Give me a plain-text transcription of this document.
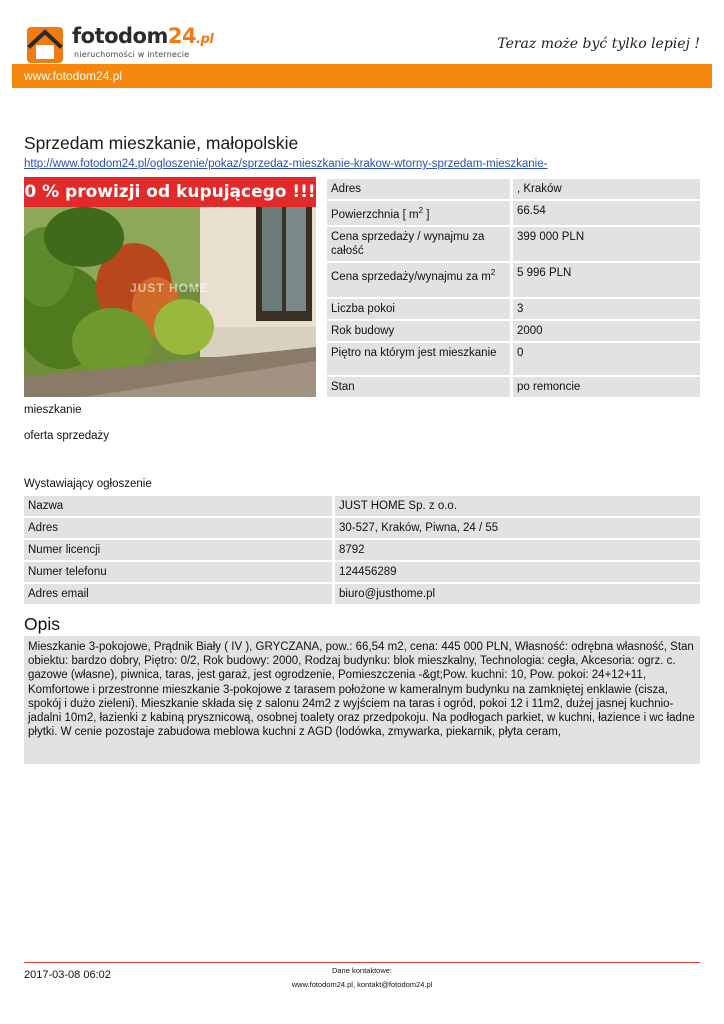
fotodom24.pl
nieruchomości w internecie
Teraz może być tylko lepiej !
www.fotodom24.pl
Sprzedam mieszkanie, małopolskie
http://www.fotodom24.pl/ogloszenie/pokaz/sprzedaz-mieszkanie-krakow-wtorny-sprzedam-mieszkanie-
0 % prowizji od kupującego !!!
JUST HOME
Adres	, Kraków
Powierzchnia [ $m^2$ ]	66.54
Cena sprzedaży / wynajmu za całość	399 000 PLN
Cena sprzedaży/wynajmu za $m^2$	5 996 PLN
Liczba pokoi	3
Rok budowy	2000
Piętro na którym jest mieszkanie	0
Stan	po remoncie
mieszkanie
oferta sprzedaży
Wystawiający ogłoszenie
Nazwa	JUST HOME Sp. z o.o.
Adres	30-527, Kraków, Piwna, 24 / 55
Numer licencji	8792
Numer telefonu	124456289
Adres email	biuro@justhome.pl
Opis
Mieszkanie 3-pokojowe, Prądnik Biały ( IV ), GRYCZANA, pow.: 66,54 m2, cena: 445 000 PLN, Własność: odrębna własność, Stan obiektu: bardzo dobry, Piętro: 0/2, Rok budowy: 2000, Rodzaj budynku: blok mieszkalny, Technologia: cegła, Akcesoria: ogrz. c. gazowe (własne), piwnica, taras, jest garaż, jest ogrodzenie, Pomieszczenia -&gt;Pow. kuchni: 10, Pow. pokoi: 24+12+11, Komfortowe i przestronne mieszkanie 3-pokojowe z tarasem położone w kameralnym budynku na zamkniętej enklawie (cisza, spokój i dużo zieleni). Mieszkanie składa się z salonu 24m2 z wyjściem na taras i ogród, pokoi 12 i 11m2, dużej jasnej kuchnio-jadalni 10m2, łazienki z kabiną prysznicową, osobnej toalety oraz przedpokoju. Na podłogach parkiet, w kuchni, łazience i wc ładne płytki. W cenie pozostaje zabudowa meblowa kuchni z AGD (lodówka, zmywarka, piekarnik, płyta ceram,
2017-03-08 06:02	Dane kontaktowe:
www.fotodom24.pl, kontakt@fotodom24.pl
